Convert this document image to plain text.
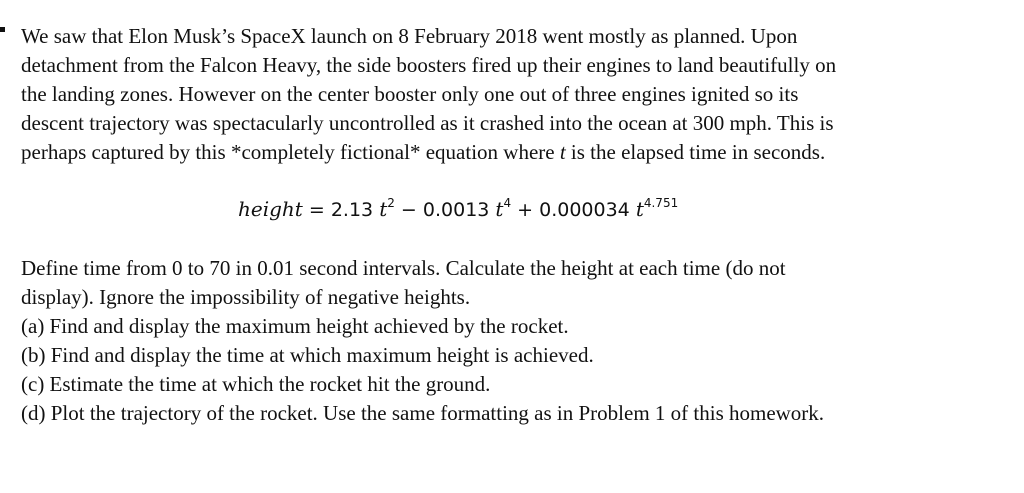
We saw that Elon Musk’s SpaceX launch on 8 February 2018 went mostly as planned. Upon
detachment from the Falcon Heavy, the side boosters fired up their engines to land beautifully on
the landing zones. However on the center booster only one out of three engines ignited so its
descent trajectory was spectacularly uncontrolled as it crashed into the ocean at 300 mph. This is
perhaps captured by this *completely fictional* equation where t is the elapsed time in seconds.

height = 2.13 $t^2 - 0.0013$ $t^4 + 0.000034$ $t^{4.751}$

Define time from 0 to 70 in 0.01 second intervals. Calculate the height at each time (do not
display). Ignore the impossibility of negative heights.
(a) Find and display the maximum height achieved by the rocket.
(b) Find and display the time at which maximum height is achieved.
(c) Estimate the time at which the rocket hit the ground.
(d) Plot the trajectory of the rocket. Use the same formatting as in Problem 1 of this homework.
